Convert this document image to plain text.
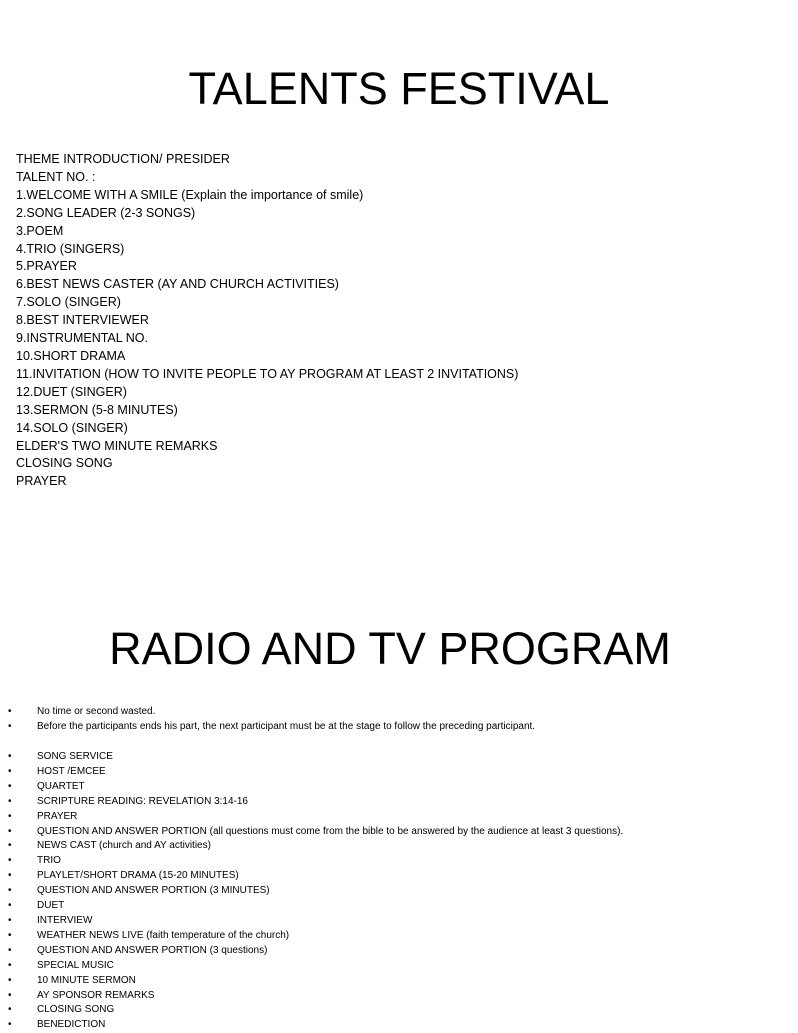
TALENTS FESTIVAL
THEME INTRODUCTION/ PRESIDER
TALENT NO. :
1.WELCOME WITH A SMILE (Explain the importance of smile)
2.SONG LEADER (2-3 SONGS)
3.POEM
4.TRIO (SINGERS)
5.PRAYER
6.BEST NEWS CASTER (AY AND CHURCH ACTIVITIES)
7.SOLO (SINGER)
8.BEST INTERVIEWER
9.INSTRUMENTAL NO.
10.SHORT DRAMA
11.INVITATION (HOW TO INVITE PEOPLE TO AY PROGRAM AT LEAST 2 INVITATIONS)
12.DUET (SINGER)
13.SERMON (5-8 MINUTES)
14.SOLO (SINGER)
ELDER'S TWO MINUTE REMARKS
CLOSING SONG
PRAYER
RADIO AND TV PROGRAM
•	No time or second wasted.
•	Before the participants ends his part, the next participant must be at the stage to follow the preceding participant.
•	SONG SERVICE
•	HOST /EMCEE
•	QUARTET
•	SCRIPTURE READING: REVELATION 3:14-16
•	PRAYER
•	QUESTION AND ANSWER PORTION (all questions must come from the bible to be answered by the audience at least 3 questions).
•	NEWS CAST (church and AY activities)
•	TRIO
•	PLAYLET/SHORT DRAMA (15-20 MINUTES)
•	QUESTION AND ANSWER PORTION (3 MINUTES)
•	DUET
•	INTERVIEW
•	WEATHER NEWS LIVE (faith temperature of the church)
•	QUESTION AND ANSWER PORTION (3 questions)
•	SPECIAL MUSIC
•	10 MINUTE SERMON
•	AY SPONSOR REMARKS
•	CLOSING SONG
•	BENEDICTION
